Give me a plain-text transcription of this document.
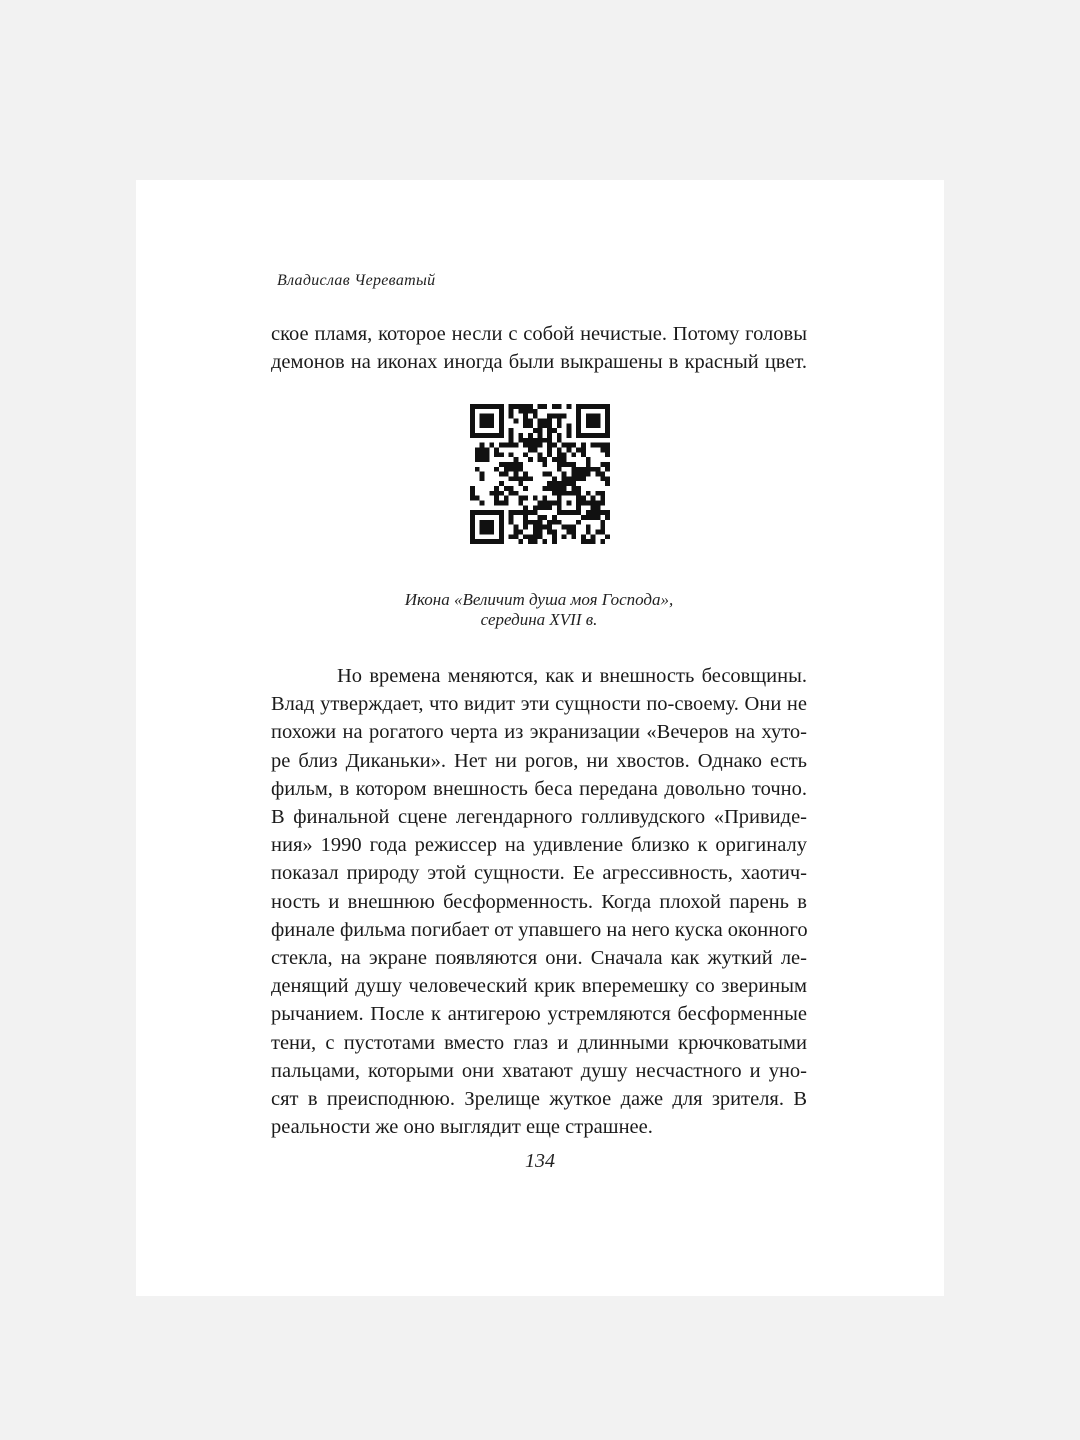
Владислав Череватый
ское пламя, которое несли с собой нечистые. Потому головы
демонов на иконах иногда были выкрашены в красный цвет.
Икона «Величит душа моя Господа»,
середина XVII в.
Но времена меняются, как и внешность бесовщины.
Влад утверждает, что видит эти сущности по-своему. Они не
похожи на рогатого черта из экранизации «Вечеров на хуто-
ре близ Диканьки». Нет ни рогов, ни хвостов. Однако есть
фильм, в котором внешность беса передана довольно точно.
В финальной сцене легендарного голливудского «Привиде-
ния» 1990 года режиссер на удивление близко к оригиналу
показал природу этой сущности. Ее агрессивность, хаотич-
ность и внешнюю бесформенность. Когда плохой парень в
финале фильма погибает от упавшего на него куска оконного
стекла, на экране появляются они. Сначала как жуткий ле-
денящий душу человеческий крик вперемешку со звериным
рычанием. После к антигерою устремляются бесформенные
тени, с пустотами вместо глаз и длинными крючковатыми
пальцами, которыми они хватают душу несчастного и уно-
сят в преисподнюю. Зрелище жуткое даже для зрителя. В
реальности же оно выглядит еще страшнее.
134
